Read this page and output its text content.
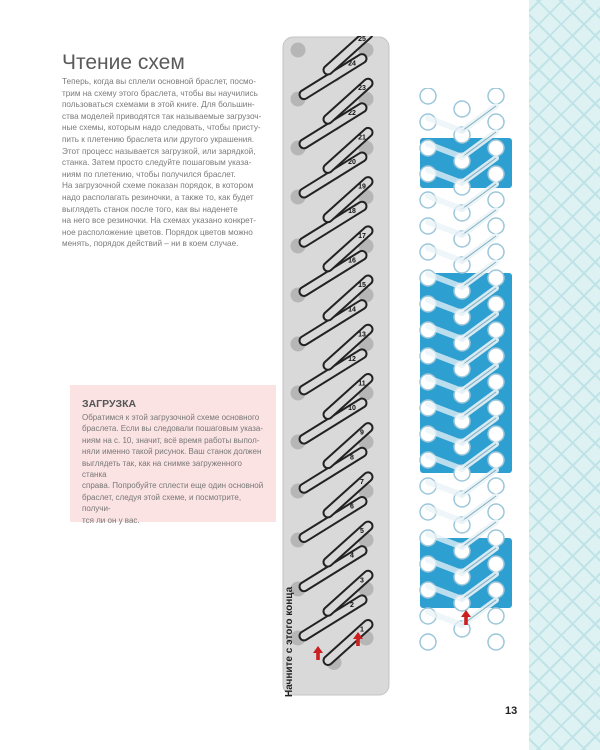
Чтение схем
Теперь, когда вы сплели основной браслет, посмо-
трим на схему этого браслета, чтобы вы научились
пользоваться схемами в этой книге. Для большин-
ства моделей приводятся так называемые загрузоч-
ные схемы, которым надо следовать, чтобы присту-
пить к плетению браслета или другого украшения.
Этот процесс называется загрузкой, или зарядкой,
станка. Затем просто следуйте пошаговым указа-
ниям по плетению, чтобы получился браслет.
На загрузочной схеме показан порядок, в котором
надо располагать резиночки, а также то, как будет
выглядеть станок после того, как вы наденете
на него все резиночки. На схемах указано конкрет-
ное расположение цветов. Порядок цветов можно
менять, порядок действий – ни в коем случае.
ЗАГРУЗКА
Обратимся к этой загрузочной схеме основного
браслета. Если вы следовали пошаговым указа-
ниям на с. 10, значит, всё время работы выпол-
няли именно такой рисунок. Ваш станок должен
выглядеть так, как на снимке загруженного станка
справа. Попробуйте сплести еще один основной
браслет, следуя этой схеме, и посмотрите, получи-
тся ли он у вас.
1
2
3
4
5
6
7
8
9
10
11
12
13
14
15
16
17
18
19
20
21
22
23
24
25
Начните с этого конца
13
